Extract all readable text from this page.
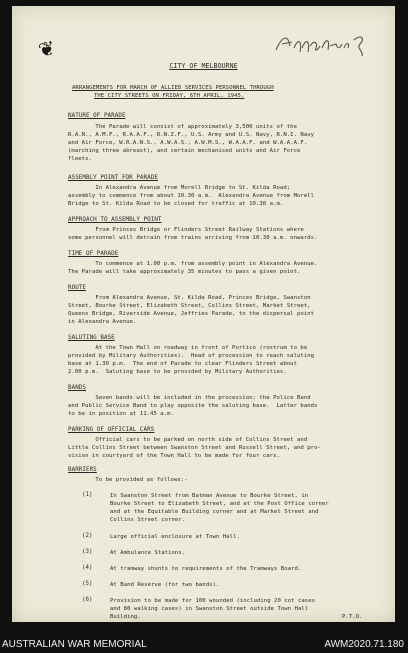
❦
CITY OF MELBOURNE
ARRANGEMENTS FOR MARCH OF ALLIED SERVICES PERSONNEL THROUGH
THE CITY STREETS ON FRIDAY, 6TH APRIL, 1945.
NATURE OF PARADE
The Parade will consist of approximately 3,500 units of the
R.A.N., A.M.F., R.A.A.F., R.N.Z.F., U.S. Army and U.S. Navy, R.N.I. Navy
and Air Force, W.R.A.N.S., A.W.A.S., A.W.M.S., W.A.A.F. and W.A.A.A.F.
(marching three abreast), and certain mechanised units and Air Force
fleets.
ASSEMBLY POINT FOR PARADE
In Alexandra Avenue from Morell Bridge to St. Kilda Road;
assembly to commence from about 10.30 a.m.  Alexandra Avenue from Morell
Bridge to St. Kilda Road to be closed for traffic at 10.30 a.m.
APPROACH TO ASSEMBLY POINT
From Princes Bridge or Flinders Street Railway Stations where
some personnel will detrain from trains arriving from 10.30 a.m. onwards.
TIME OF PARADE
To commence at 1.00 p.m. from assembly point in Alexandra Avenue.
The Parade will take approximately 35 minutes to pass a given point.
ROUTE
From Alexandra Avenue, St. Kilda Road, Princes Bridge, Swanston
Street, Bourke Street, Elizabeth Street, Collins Street, Market Street,
Queens Bridge, Riverside Avenue, Jeffries Parade, to the dispersal point
in Alexandra Avenue.
SALUTING BASE
At the Town Hall on roadway in front of Portico (rostrum to be
provided by Military Authorities).  Head of procession to reach saluting
base at 1.30 p.m.  The end of Parade to clear Flinders Street about
2.00 p.m.  Saluting base to be provided by Military Authorities.
BANDS
Seven bands will be included in the procession; the Police Band
and Public Service Band to play opposite the saluting base.  Latter bands
to be in position at 11.45 a.m.
PARKING OF OFFICIAL CARS
Official cars to be parked on north side of Collins Street and
Little Collins Street between Swanston Street and Russell Street, and pro-
vision in courtyard of the Town Hall to be made for four cars.
BARRIERS
To be provided as follows:-
(1)	In Swanston Street from Batman Avenue to Bourke Street, in
Bourke Street to Elizabeth Street, and at the Post Office corner
and at the Equitable Building corner and at Market Street and
Collins Street corner.
(2)	Large official enclosure at Town Hall.
(3)	At Ambulance Stations.
(4)	At tramway shunts to requirements of the Tramways Board.
(5)	At Band Reserve (for two bands).
(6)	Provision to be made for 100 wounded (including 20 cot cases
and 80 walking cases) in Swanston Street outside Town Hall
Building.	P.T.O.
AUSTRALIAN WAR MEMORIAL	AWM2020.71.180
